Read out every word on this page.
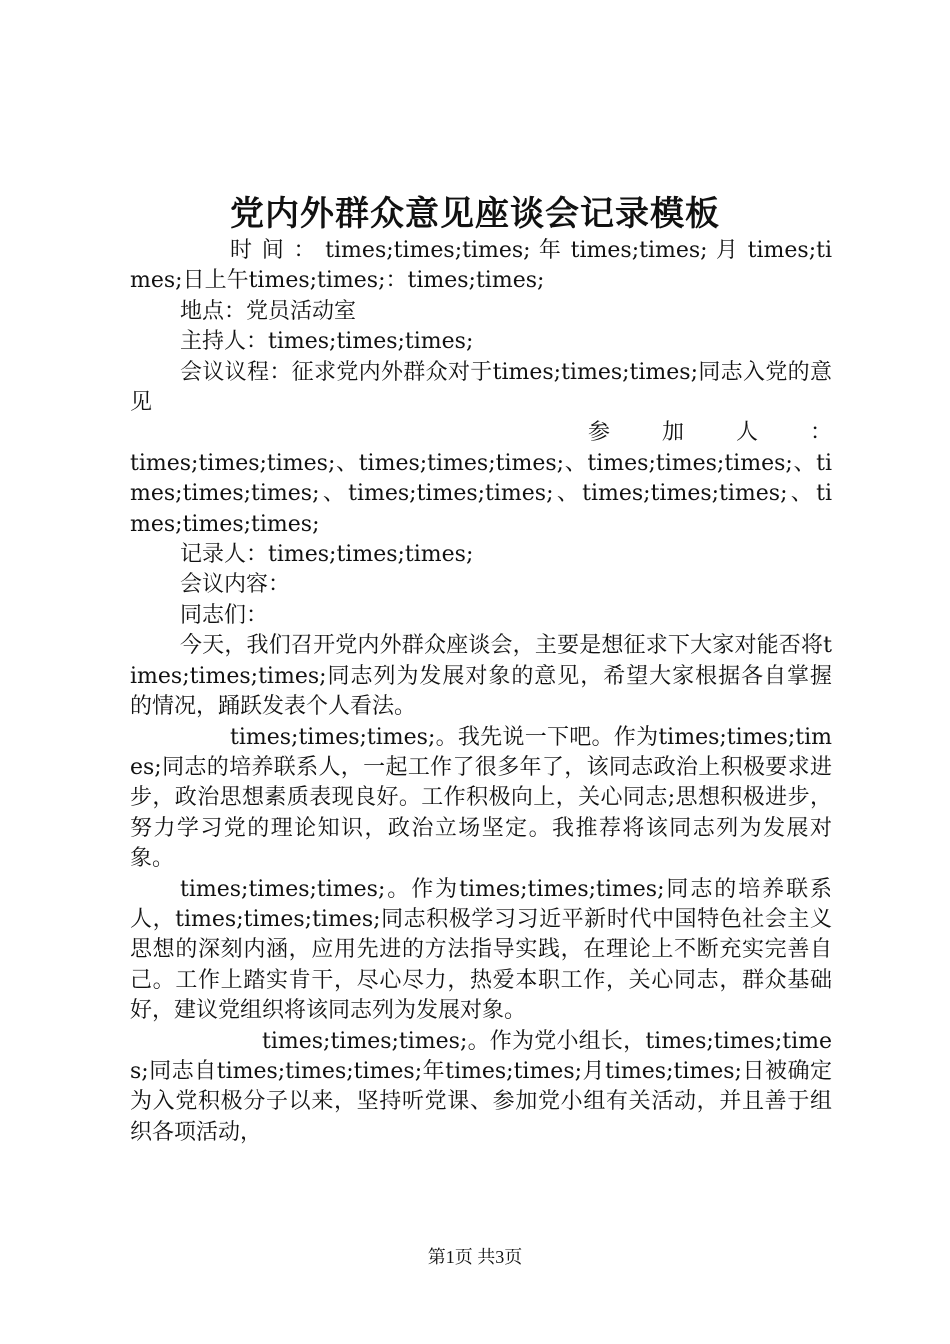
党内外群众意见座谈会记录模板

时 间 ： times;times;times; 年 times;times; 月 times;times;日上午times;times;：times;times;

地点：党员活动室

主持人：times;times;times;

会议议程：征求党内外群众对于times;times;times;同志入党的意见

参加人：

times;times;times;、times;times;times;、times;times;times;、times;times;times;、times;times;times;、times;times;times;、times;times;times;

记录人：times;times;times;

会议内容：

同志们：

今天，我们召开党内外群众座谈会，主要是想征求下大家对能否将times;times;times;同志列为发展对象的意见，希望大家根据各自掌握的情况，踊跃发表个人看法。

times;times;times;。我先说一下吧。作为times;times;times;同志的培养联系人，一起工作了很多年了，该同志政治上积极要求进步，政治思想素质表现良好。工作积极向上，关心同志;思想积极进步，努力学习党的理论知识，政治立场坚定。我推荐将该同志列为发展对象。

times;times;times;。作为times;times;times;同志的培养联系人，times;times;times;同志积极学习习近平新时代中国特色社会主义思想的深刻内涵，应用先进的方法指导实践，在理论上不断充实完善自己。工作上踏实肯干，尽心尽力，热爱本职工作，关心同志，群众基础好，建议党组织将该同志列为发展对象。

times;times;times;。作为党小组长，times;times;times;同志自times;times;times;年times;times;月times;times;日被确定为入党积极分子以来，坚持听党课、参加党小组有关活动，并且善于组织各项活动，

第1页 共3页
